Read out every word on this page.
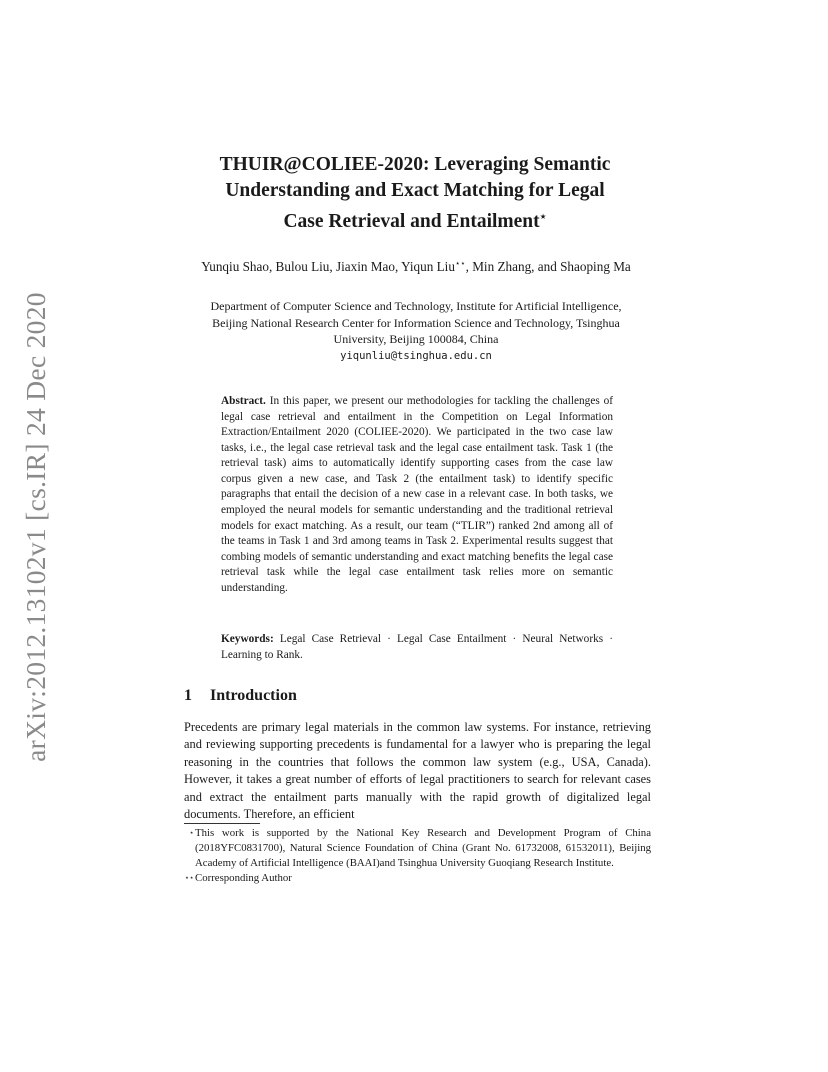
arXiv:2012.13102v1 [cs.IR] 24 Dec 2020
THUIR@COLIEE-2020: Leveraging Semantic
Understanding and Exact Matching for Legal
Case Retrieval and Entailment⋆
Yunqiu Shao, Bulou Liu, Jiaxin Mao, Yiqun Liu⋆⋆, Min Zhang, and Shaoping Ma
Department of Computer Science and Technology, Institute for Artificial Intelligence,
Beijing National Research Center for Information Science and Technology, Tsinghua
University, Beijing 100084, China
yiqunliu@tsinghua.edu.cn

Abstract. In this paper, we present our methodologies for tackling the challenges of legal case retrieval and entailment in the Competition on Legal Information Extraction/Entailment 2020 (COLIEE-2020). We participated in the two case law tasks, i.e., the legal case retrieval task and the legal case entailment task. Task 1 (the retrieval task) aims to automatically identify supporting cases from the case law corpus given a new case, and Task 2 (the entailment task) to identify specific paragraphs that entail the decision of a new case in a relevant case. In both tasks, we employed the neural models for semantic understanding and the traditional retrieval models for exact matching. As a result, our team (“TLIR”) ranked 2nd among all of the teams in Task 1 and 3rd among teams in Task 2. Experimental results suggest that combing models of semantic understanding and exact matching benefits the legal case retrieval task while the legal case entailment task relies more on semantic understanding.

Keywords: Legal Case Retrieval · Legal Case Entailment · Neural Networks · Learning to Rank.
1 Introduction

Precedents are primary legal materials in the common law systems. For instance, retrieving and reviewing supporting precedents is fundamental for a lawyer who is preparing the legal reasoning in the countries that follows the common law system (e.g., USA, Canada). However, it takes a great number of efforts of legal practitioners to search for relevant cases and extract the entailment parts manually with the rapid growth of digitalized legal documents. Therefore, an efficient

⋆ This work is supported by the National Key Research and Development Program of China (2018YFC0831700), Natural Science Foundation of China (Grant No. 61732008, 61532011), Beijing Academy of Artificial Intelligence (BAAI)and Tsinghua University Guoqiang Research Institute.
⋆⋆ Corresponding Author
